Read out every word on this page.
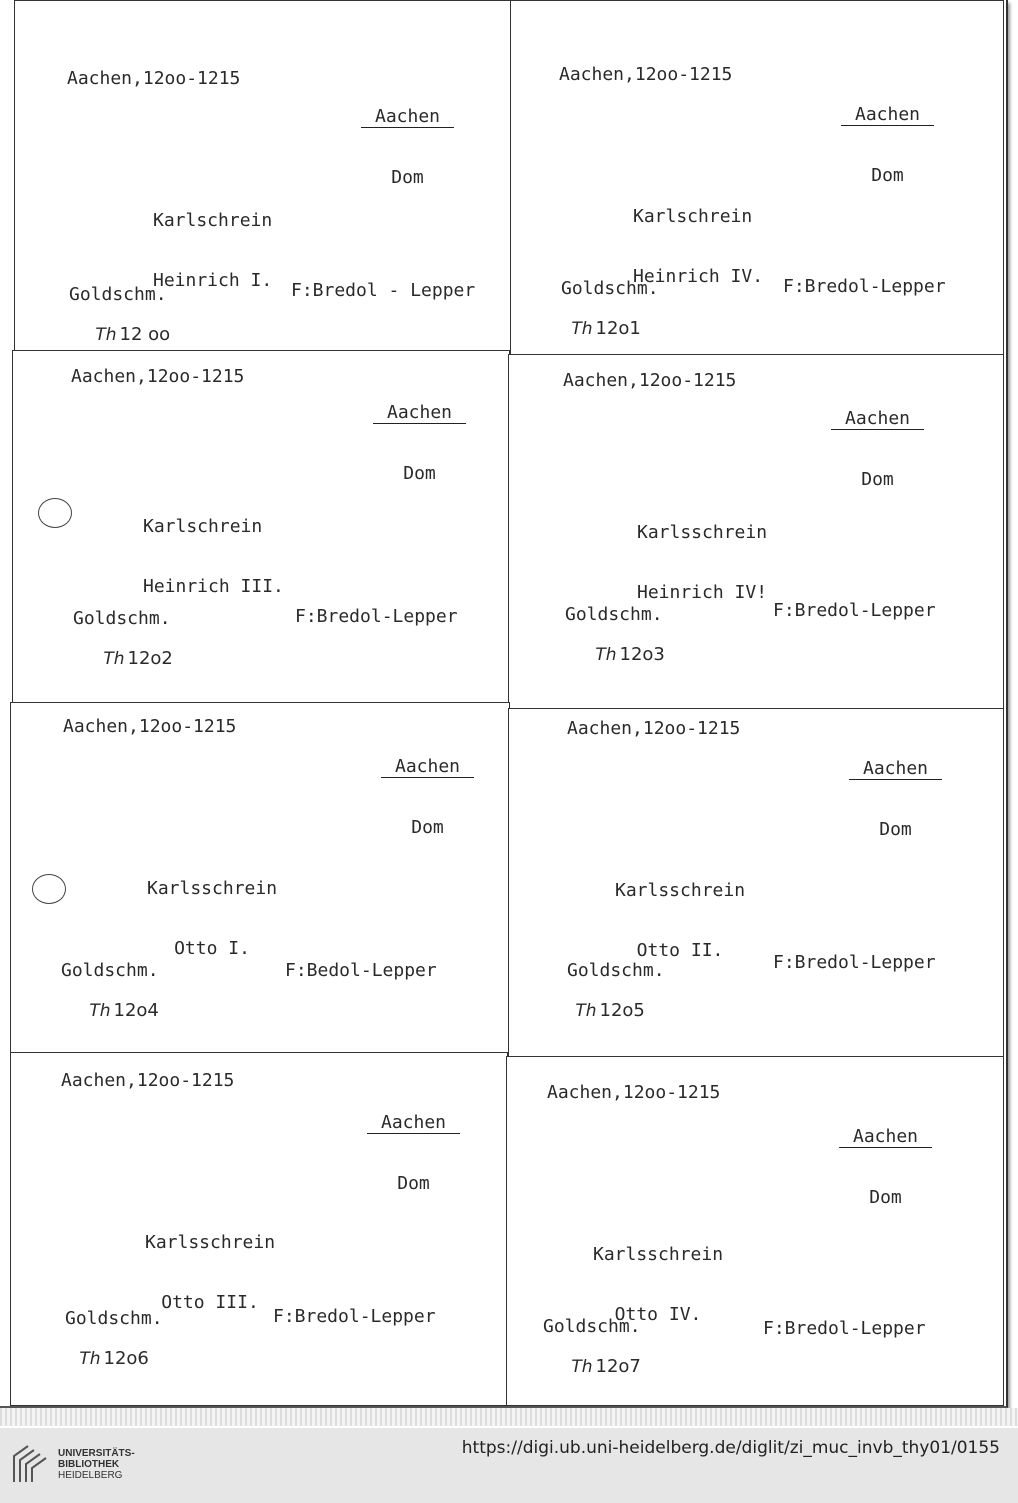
Aachen,12oo-1215

Aachen

Dom

Karlschrein

Heinrich I.

Goldschm.

Th 12 oo

F:Bredol - Lepper
Aachen,12oo-1215

Aachen

Dom

Karlschrein

Heinrich IV.

Goldschm.

Th 12o1

F:Bredol-Lepper
Aachen,12oo-1215

Aachen

Dom

Karlschrein

Heinrich III.

Goldschm.

Th 12o2

F:Bredol-Lepper
Aachen,12oo-1215

Aachen

Dom

Karlsschrein

Heinrich IV!

Goldschm.

Th 12o3

F:Bredol-Lepper
Aachen,12oo-1215

Aachen

Dom

Karlsschrein

Otto I.

Goldschm.

Th 12o4

F:Bedol-Lepper
Aachen,12oo-1215

Aachen

Dom

Karlsschrein

Otto II.

Goldschm.

Th 12o5

F:Bredol-Lepper
Aachen,12oo-1215

Aachen

Dom

Karlsschrein

Otto III.

Goldschm.

Th 12o6

F:Bredol-Lepper
Aachen,12oo-1215

Aachen

Dom

Karlsschrein

Otto IV.

Goldschm.

Th 12o7

F:Bredol-Lepper
UNIVERSITÄTS-
BIBLIOTHEK
HEIDELBERG
https://digi.ub.uni-heidelberg.de/diglit/zi_muc_invb_thy01/0155
